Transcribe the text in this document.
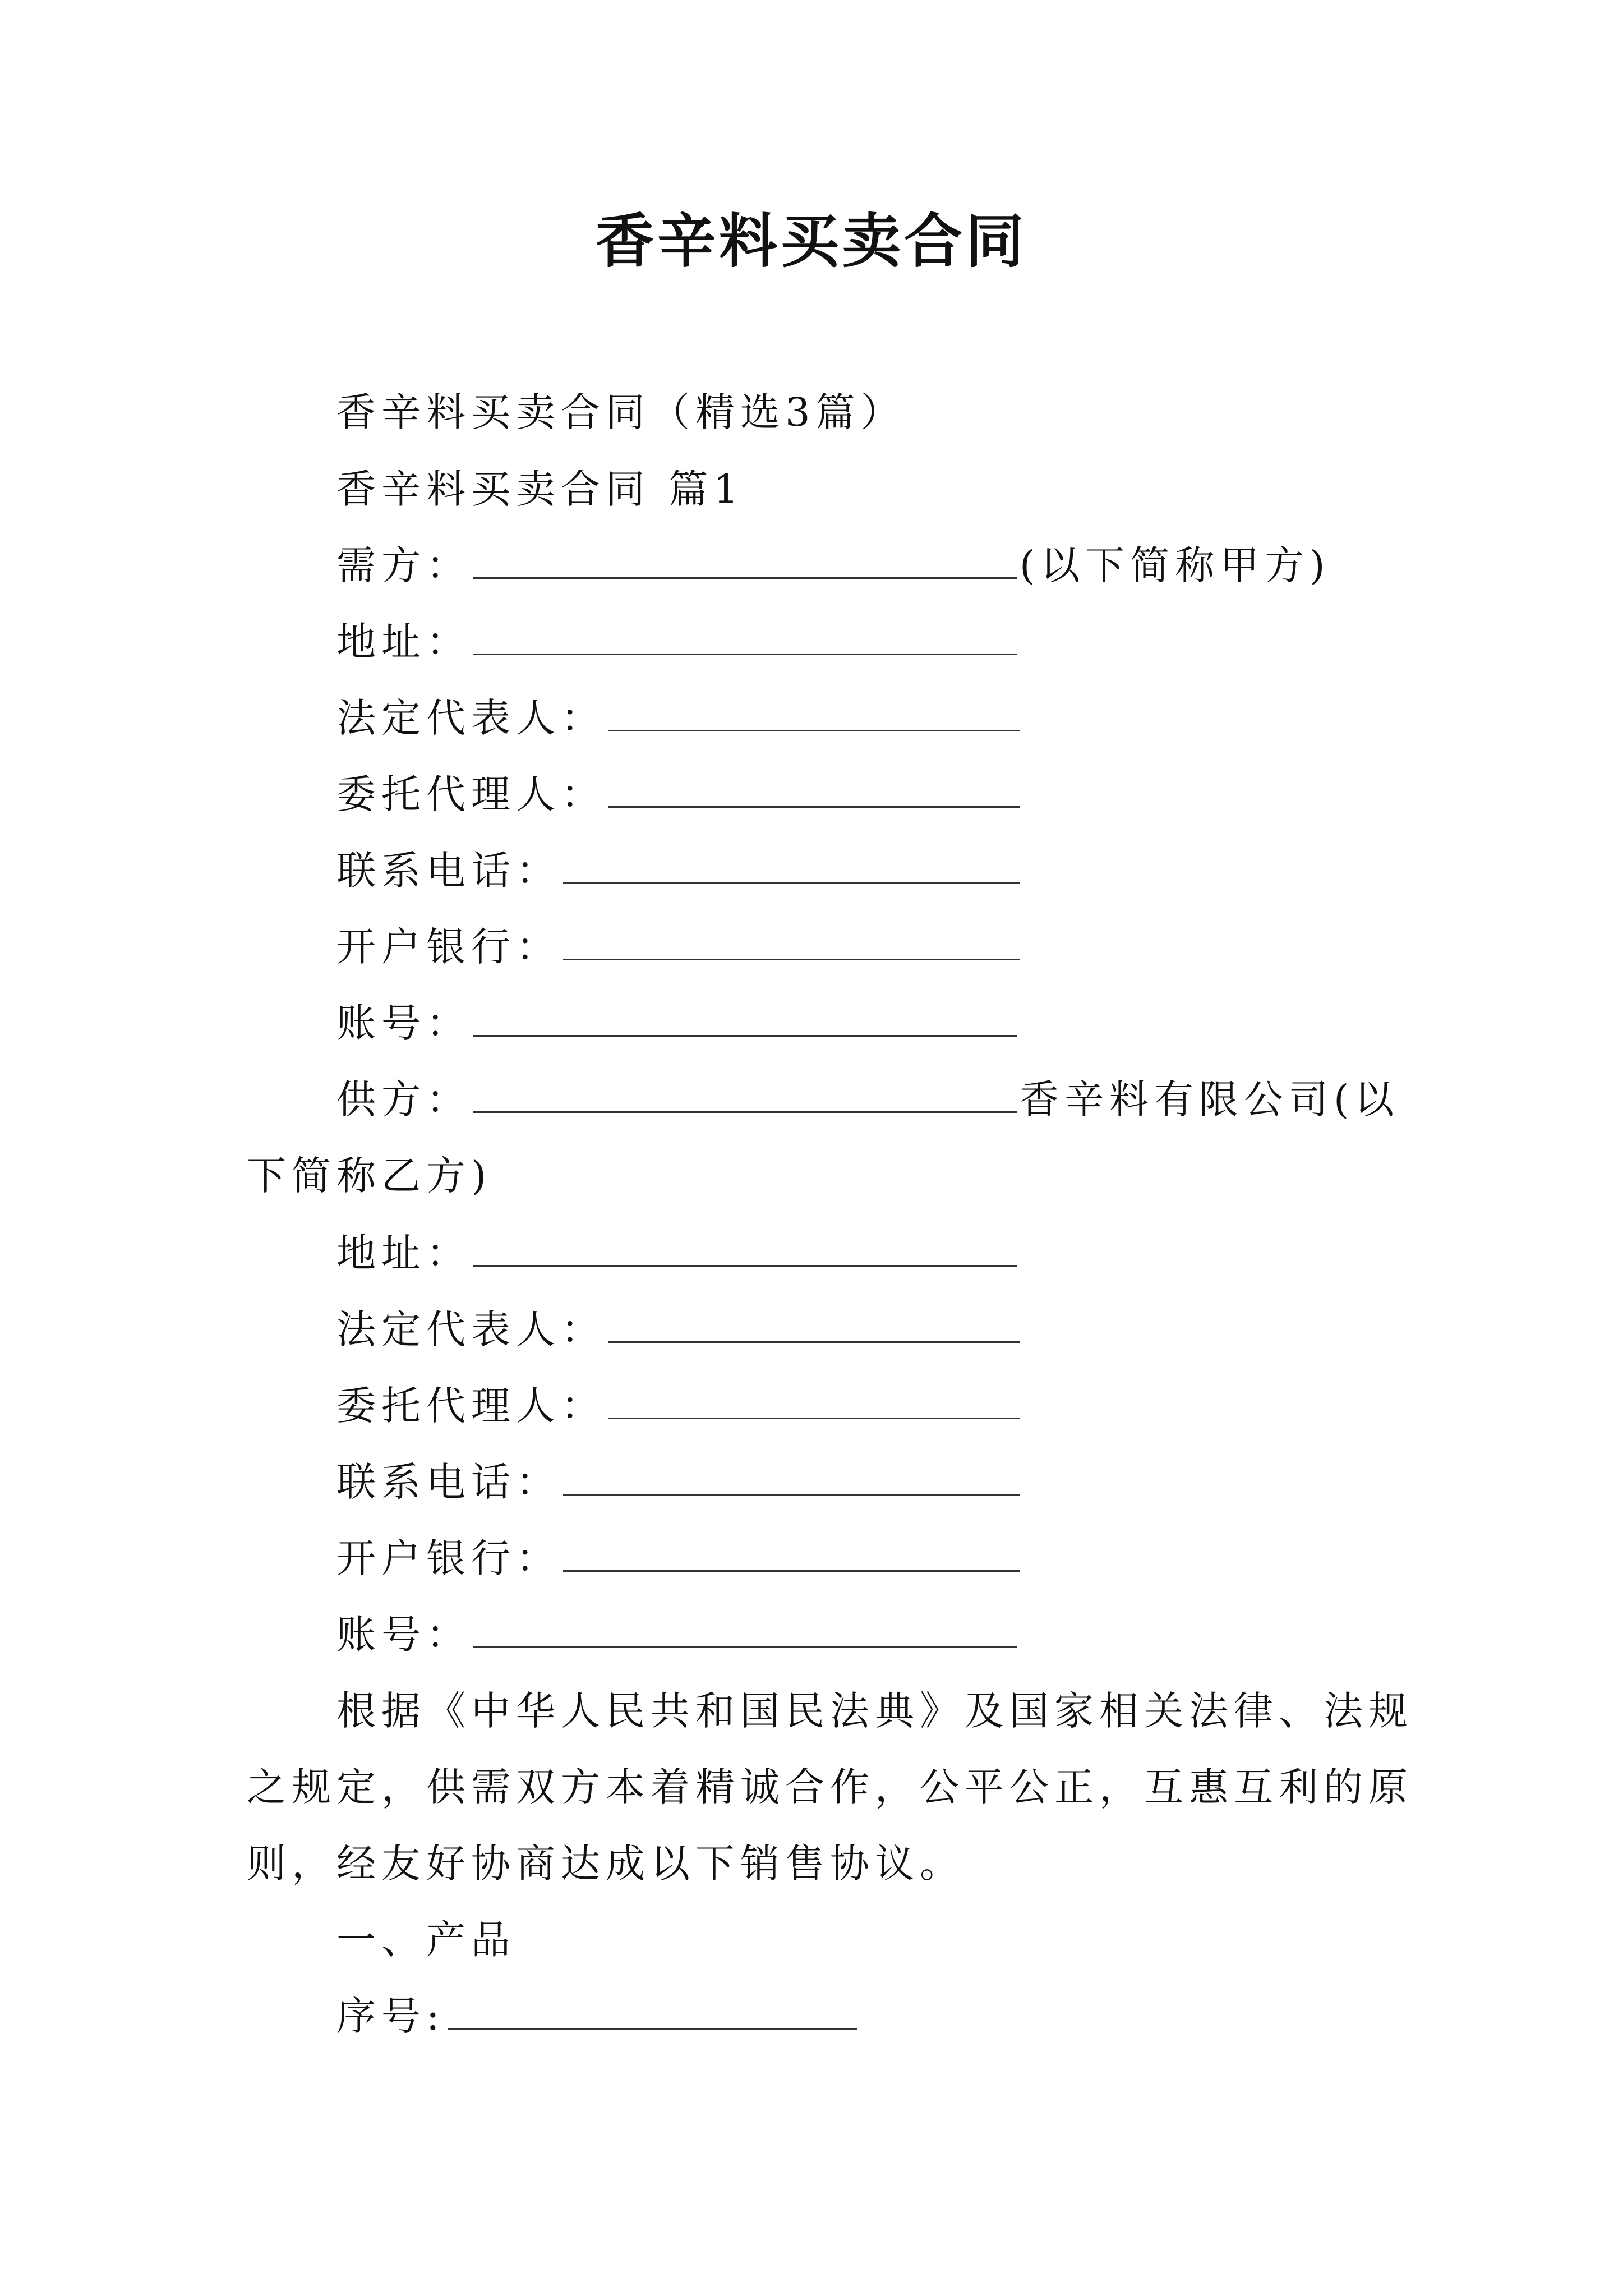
香辛料买卖合同
香辛料买卖合同（精选3篇）
香辛料买卖合同 篇1
需方：	(以下简称甲方)
地址：
法定代表人：
委托代理人：
联系电话：
开户银行：
账号：
供方：	香辛料有限公司(以
下简称乙方)
地址：
法定代表人：
委托代理人：
联系电话：
开户银行：
账号：
根据《中华人民共和国民法典》及国家相关法律、法规
之规定，供需双方本着精诚合作，公平公正，互惠互利的原
则，经友好协商达成以下销售协议。
一、产品
序号:
